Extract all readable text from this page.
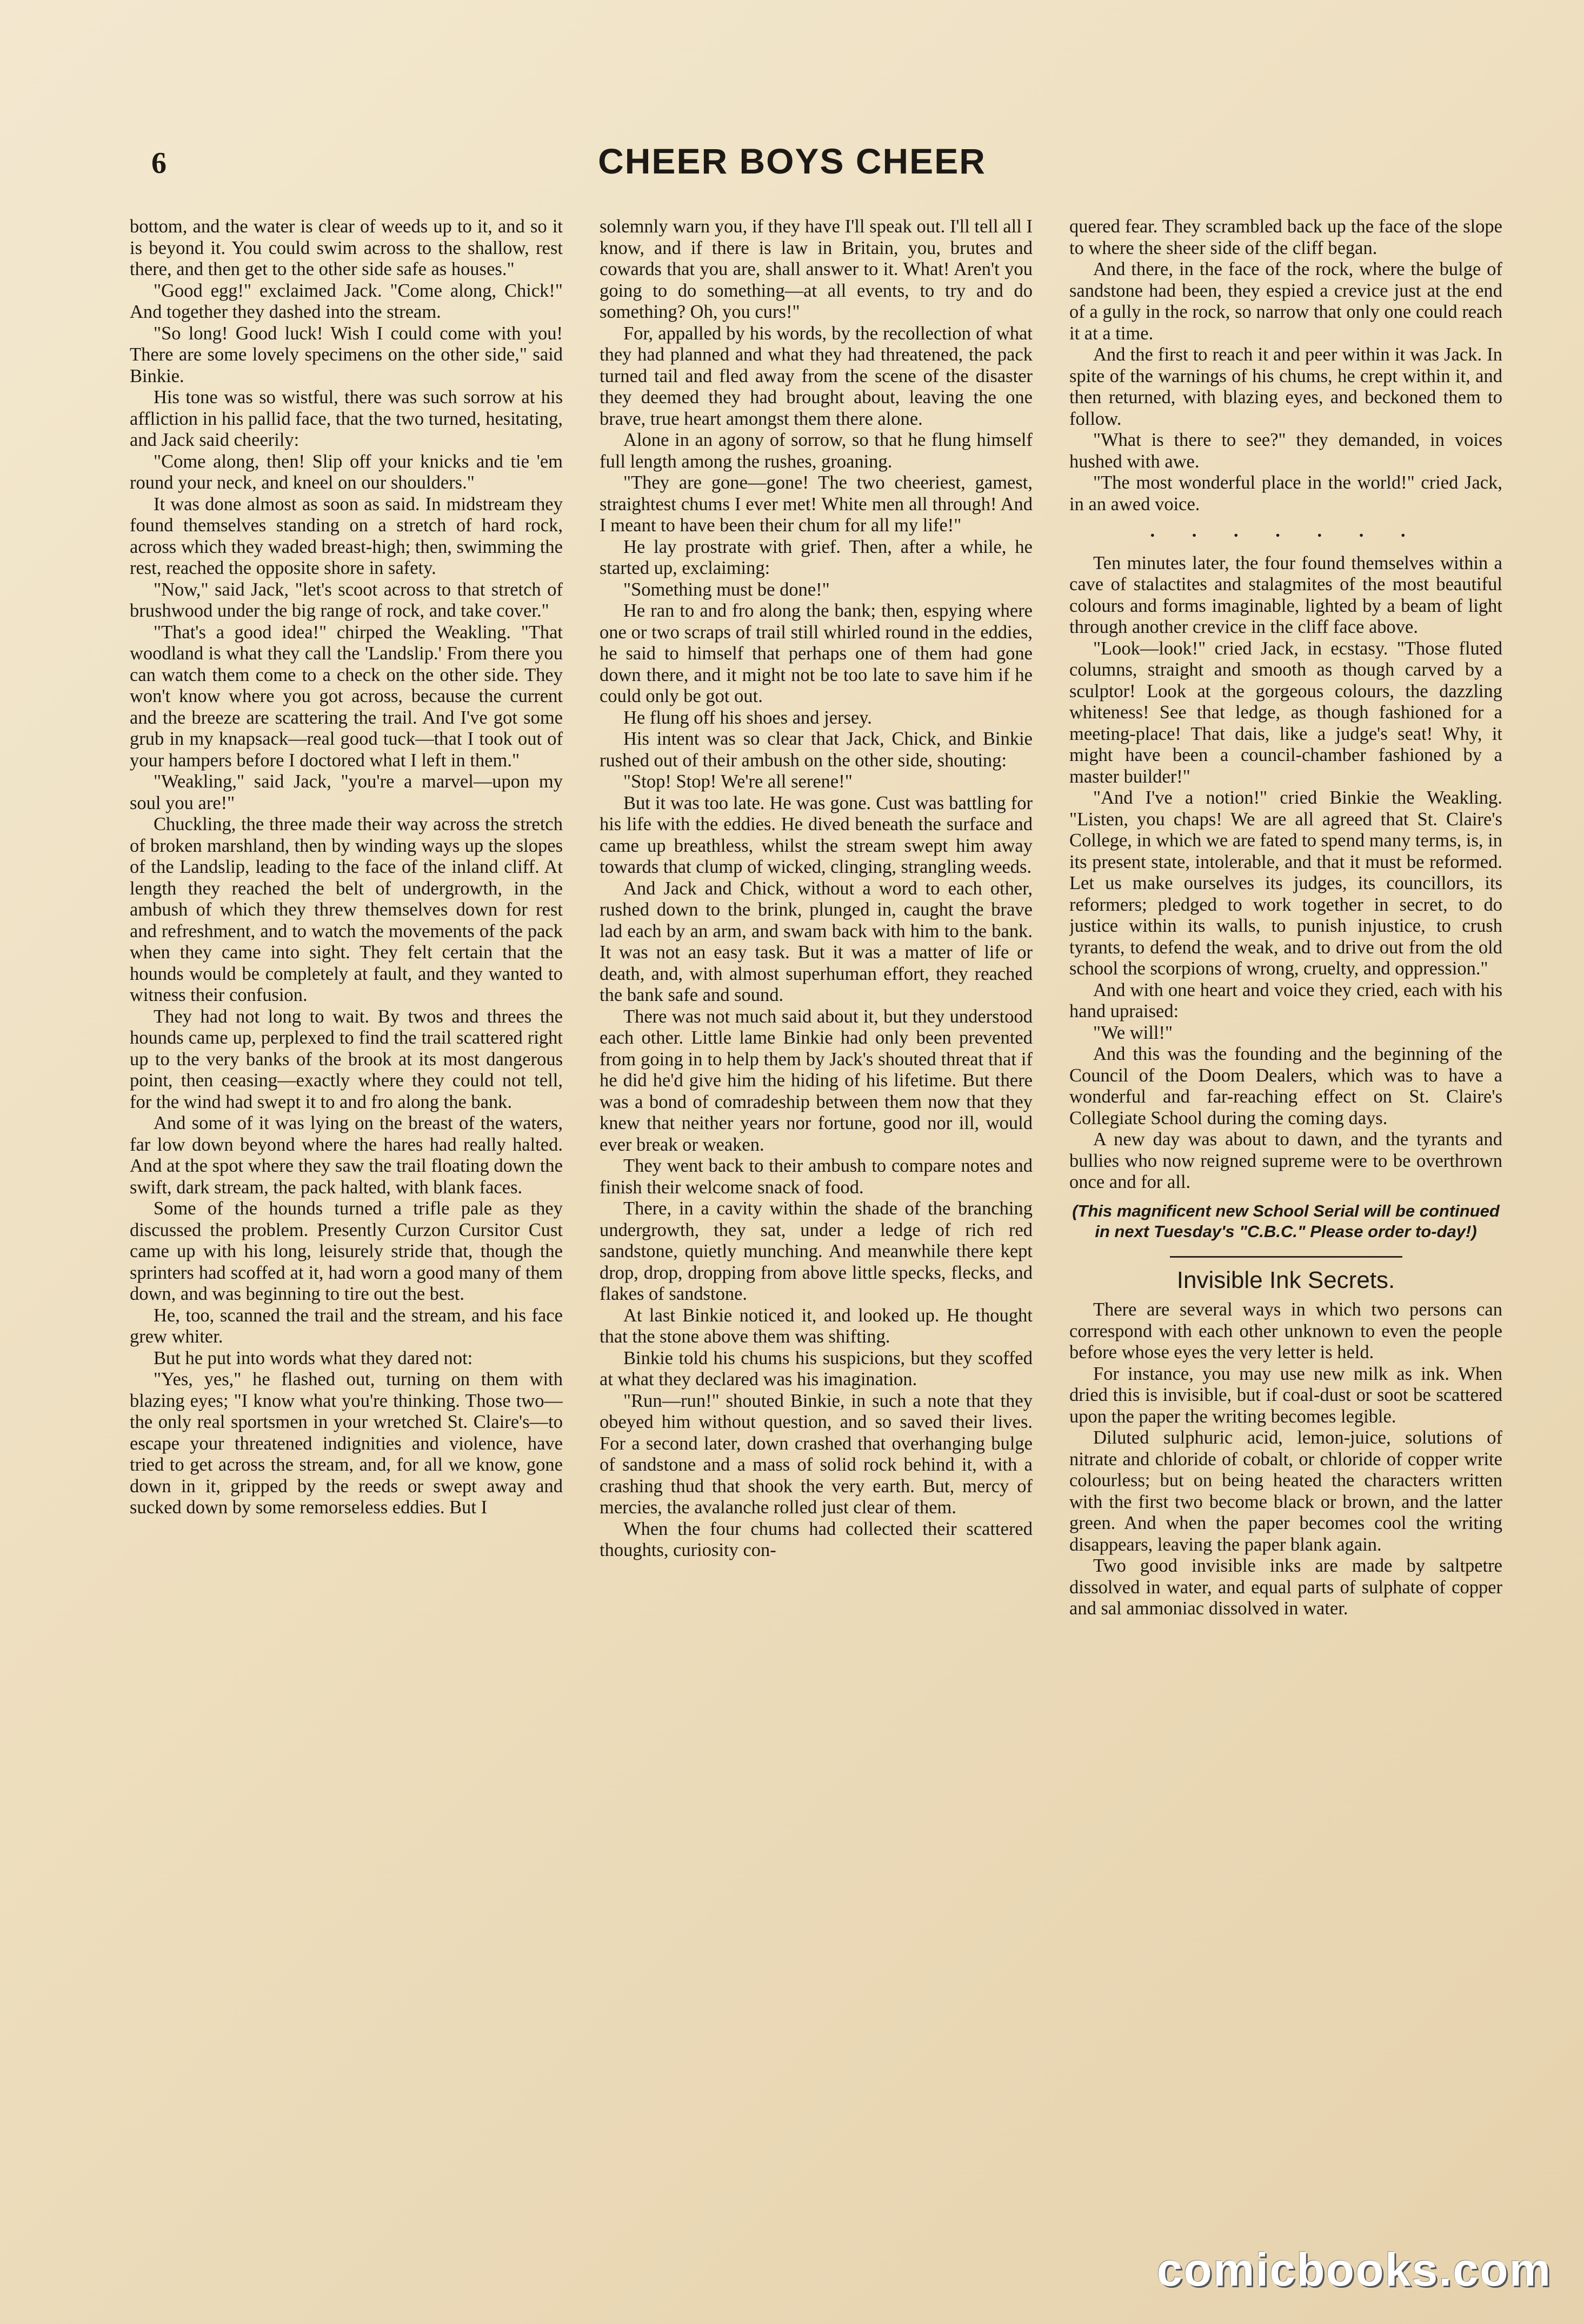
6	CHEER BOYS CHEER

bottom, and the water is clear of weeds up to it, and so it is beyond it. You could swim across to the shallow, rest there, and then get to the other side safe as houses."

"Good egg!" exclaimed Jack. "Come along, Chick!" And together they dashed into the stream.

"So long! Good luck! Wish I could come with you! There are some lovely specimens on the other side," said Binkie.

His tone was so wistful, there was such sorrow at his affliction in his pallid face, that the two turned, hesitating, and Jack said cheerily:

"Come along, then! Slip off your knicks and tie 'em round your neck, and kneel on our shoulders."

It was done almost as soon as said. In midstream they found themselves standing on a stretch of hard rock, across which they waded breast-high; then, swimming the rest, reached the opposite shore in safety.

"Now," said Jack, "let's scoot across to that stretch of brushwood under the big range of rock, and take cover."

"That's a good idea!" chirped the Weakling. "That woodland is what they call the 'Landslip.' From there you can watch them come to a check on the other side. They won't know where you got across, because the current and the breeze are scattering the trail. And I've got some grub in my knapsack—real good tuck—that I took out of your hampers before I doctored what I left in them."

"Weakling," said Jack, "you're a marvel—upon my soul you are!"

Chuckling, the three made their way across the stretch of broken marshland, then by winding ways up the slopes of the Landslip, leading to the face of the inland cliff. At length they reached the belt of undergrowth, in the ambush of which they threw themselves down for rest and refreshment, and to watch the movements of the pack when they came into sight. They felt certain that the hounds would be completely at fault, and they wanted to witness their confusion.

They had not long to wait. By twos and threes the hounds came up, perplexed to find the trail scattered right up to the very banks of the brook at its most dangerous point, then ceasing—exactly where they could not tell, for the wind had swept it to and fro along the bank.

And some of it was lying on the breast of the waters, far low down beyond where the hares had really halted. And at the spot where they saw the trail floating down the swift, dark stream, the pack halted, with blank faces.

Some of the hounds turned a trifle pale as they discussed the problem. Presently Curzon Cursitor Cust came up with his long, leisurely stride that, though the sprinters had scoffed at it, had worn a good many of them down, and was beginning to tire out the best.

He, too, scanned the trail and the stream, and his face grew whiter.

But he put into words what they dared not:

"Yes, yes," he flashed out, turning on them with blazing eyes; "I know what you're thinking. Those two—the only real sportsmen in your wretched St. Claire's—to escape your threatened indignities and violence, have tried to get across the stream, and, for all we know, gone down in it, gripped by the reeds or swept away and sucked down by some remorseless eddies. But I

solemnly warn you, if they have I'll speak out. I'll tell all I know, and if there is law in Britain, you, brutes and cowards that you are, shall answer to it. What! Aren't you going to do something—at all events, to try and do something? Oh, you curs!"

For, appalled by his words, by the recollection of what they had planned and what they had threatened, the pack turned tail and fled away from the scene of the disaster they deemed they had brought about, leaving the one brave, true heart amongst them there alone.

Alone in an agony of sorrow, so that he flung himself full length among the rushes, groaning.

"They are gone—gone! The two cheeriest, gamest, straightest chums I ever met! White men all through! And I meant to have been their chum for all my life!"

He lay prostrate with grief. Then, after a while, he started up, exclaiming:

"Something must be done!"

He ran to and fro along the bank; then, espying where one or two scraps of trail still whirled round in the eddies, he said to himself that perhaps one of them had gone down there, and it might not be too late to save him if he could only be got out.

He flung off his shoes and jersey.

His intent was so clear that Jack, Chick, and Binkie rushed out of their ambush on the other side, shouting:

"Stop! Stop! We're all serene!"

But it was too late. He was gone. Cust was battling for his life with the eddies. He dived beneath the surface and came up breathless, whilst the stream swept him away towards that clump of wicked, clinging, strangling weeds.

And Jack and Chick, without a word to each other, rushed down to the brink, plunged in, caught the brave lad each by an arm, and swam back with him to the bank. It was not an easy task. But it was a matter of life or death, and, with almost superhuman effort, they reached the bank safe and sound.

There was not much said about it, but they understood each other. Little lame Binkie had only been prevented from going in to help them by Jack's shouted threat that if he did he'd give him the hiding of his lifetime. But there was a bond of comradeship between them now that they knew that neither years nor fortune, good nor ill, would ever break or weaken.

They went back to their ambush to compare notes and finish their welcome snack of food.

There, in a cavity within the shade of the branching undergrowth, they sat, under a ledge of rich red sandstone, quietly munching. And meanwhile there kept drop, drop, dropping from above little specks, flecks, and flakes of sandstone.

At last Binkie noticed it, and looked up. He thought that the stone above them was shifting.

Binkie told his chums his suspicions, but they scoffed at what they declared was his imagination.

"Run—run!" shouted Binkie, in such a note that they obeyed him without question, and so saved their lives. For a second later, down crashed that overhanging bulge of sandstone and a mass of solid rock behind it, with a crashing thud that shook the very earth. But, mercy of mercies, the avalanche rolled just clear of them.

When the four chums had collected their scattered thoughts, curiosity con-

quered fear. They scrambled back up the face of the slope to where the sheer side of the cliff began.

And there, in the face of the rock, where the bulge of sandstone had been, they espied a crevice just at the end of a gully in the rock, so narrow that only one could reach it at a time.

And the first to reach it and peer within it was Jack. In spite of the warnings of his chums, he crept within it, and then returned, with blazing eyes, and beckoned them to follow.

"What is there to see?" they demanded, in voices hushed with awe.

"The most wonderful place in the world!" cried Jack, in an awed voice.

. . . . . . .

Ten minutes later, the four found themselves within a cave of stalactites and stalagmites of the most beautiful colours and forms imaginable, lighted by a beam of light through another crevice in the cliff face above.

"Look—look!" cried Jack, in ecstasy. "Those fluted columns, straight and smooth as though carved by a sculptor! Look at the gorgeous colours, the dazzling whiteness! See that ledge, as though fashioned for a meeting-place! That dais, like a judge's seat! Why, it might have been a council-chamber fashioned by a master builder!"

"And I've a notion!" cried Binkie the Weakling. "Listen, you chaps! We are all agreed that St. Claire's College, in which we are fated to spend many terms, is, in its present state, intolerable, and that it must be reformed. Let us make ourselves its judges, its councillors, its reformers; pledged to work together in secret, to do justice within its walls, to punish injustice, to crush tyrants, to defend the weak, and to drive out from the old school the scorpions of wrong, cruelty, and oppression."

And with one heart and voice they cried, each with his hand upraised:

"We will!"

And this was the founding and the beginning of the Council of the Doom Dealers, which was to have a wonderful and far-reaching effect on St. Claire's Collegiate School during the coming days.

A new day was about to dawn, and the tyrants and bullies who now reigned supreme were to be overthrown once and for all.

(This magnificent new School Serial will be continued in next Tuesday's "C.B.C." Please order to-day!)
Invisible Ink Secrets.

There are several ways in which two persons can correspond with each other unknown to even the people before whose eyes the very letter is held.

For instance, you may use new milk as ink. When dried this is invisible, but if coal-dust or soot be scattered upon the paper the writing becomes legible.

Diluted sulphuric acid, lemon-juice, solutions of nitrate and chloride of cobalt, or chloride of copper write colourless; but on being heated the characters written with the first two become black or brown, and the latter green. And when the paper becomes cool the writing disappears, leaving the paper blank again.

Two good invisible inks are made by saltpetre dissolved in water, and equal parts of sulphate of copper and sal ammoniac dissolved in water.

comicbooks.com
